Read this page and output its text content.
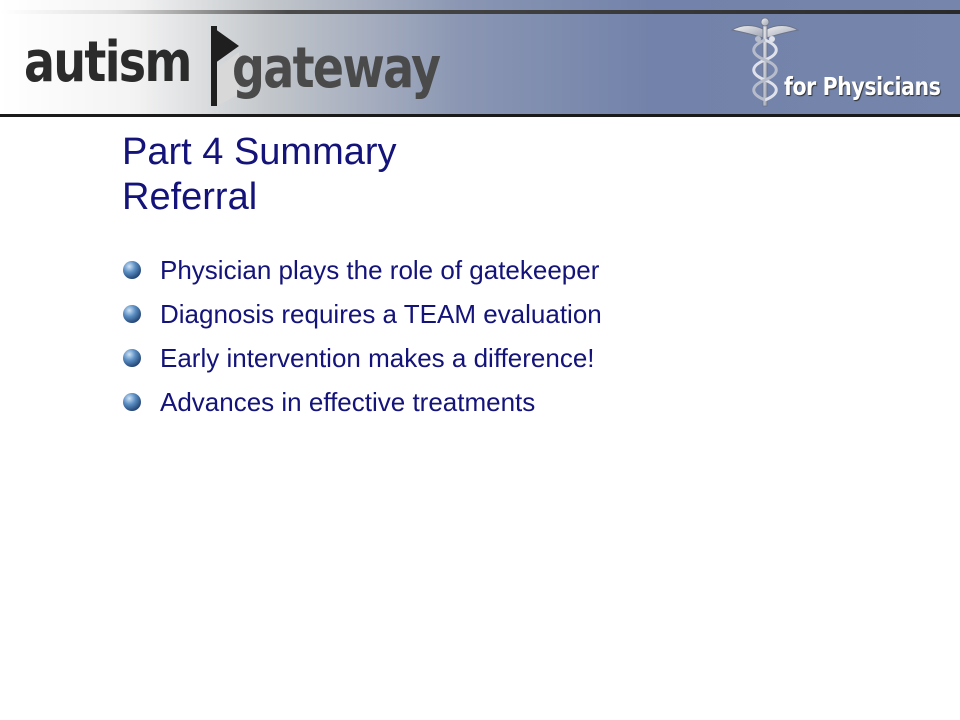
autism gateway	for Physicians
Part 4 Summary
Referral
Physician plays the role of gatekeeper
Diagnosis requires a TEAM evaluation
Early intervention makes a difference!
Advances in effective treatments
